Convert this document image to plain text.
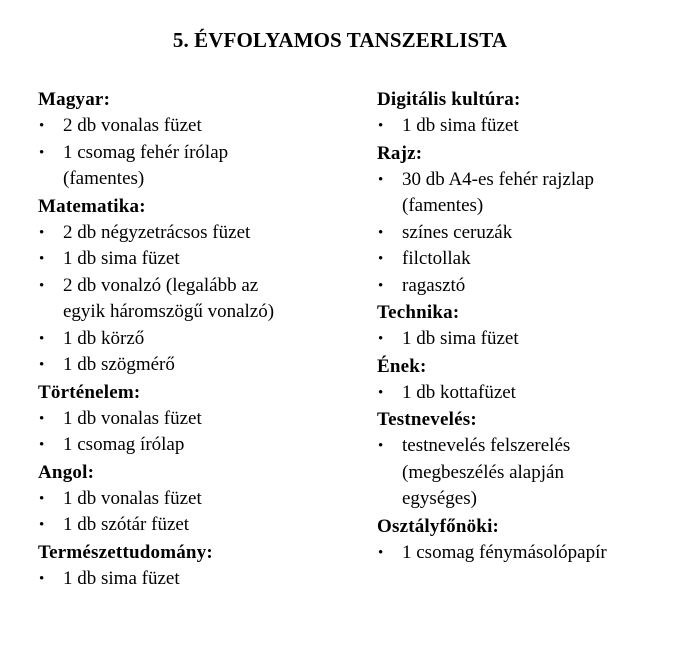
5. ÉVFOLYAMOS TANSZERLISTA
Magyar:
• 2 db vonalas füzet
• 1 csomag fehér írólap
(famentes)
Matematika:
• 2 db négyzetrácsos füzet
• 1 db sima füzet
• 2 db vonalzó (legalább az
egyik háromszögű vonalzó)
• 1 db körző
• 1 db szögmérő
Történelem:
• 1 db vonalas füzet
• 1 csomag írólap
Angol:
• 1 db vonalas füzet
• 1 db szótár füzet
Természettudomány:
• 1 db sima füzet
Digitális kultúra:
• 1 db sima füzet
Rajz:
• 30 db A4-es fehér rajzlap
(famentes)
• színes ceruzák
• filctollak
• ragasztó
Technika:
• 1 db sima füzet
Ének:
• 1 db kottafüzet
Testnevelés:
• testnevelés felszerelés
(megbeszélés alapján
egységes)
Osztályfőnöki:
• 1 csomag fénymásolópapír
